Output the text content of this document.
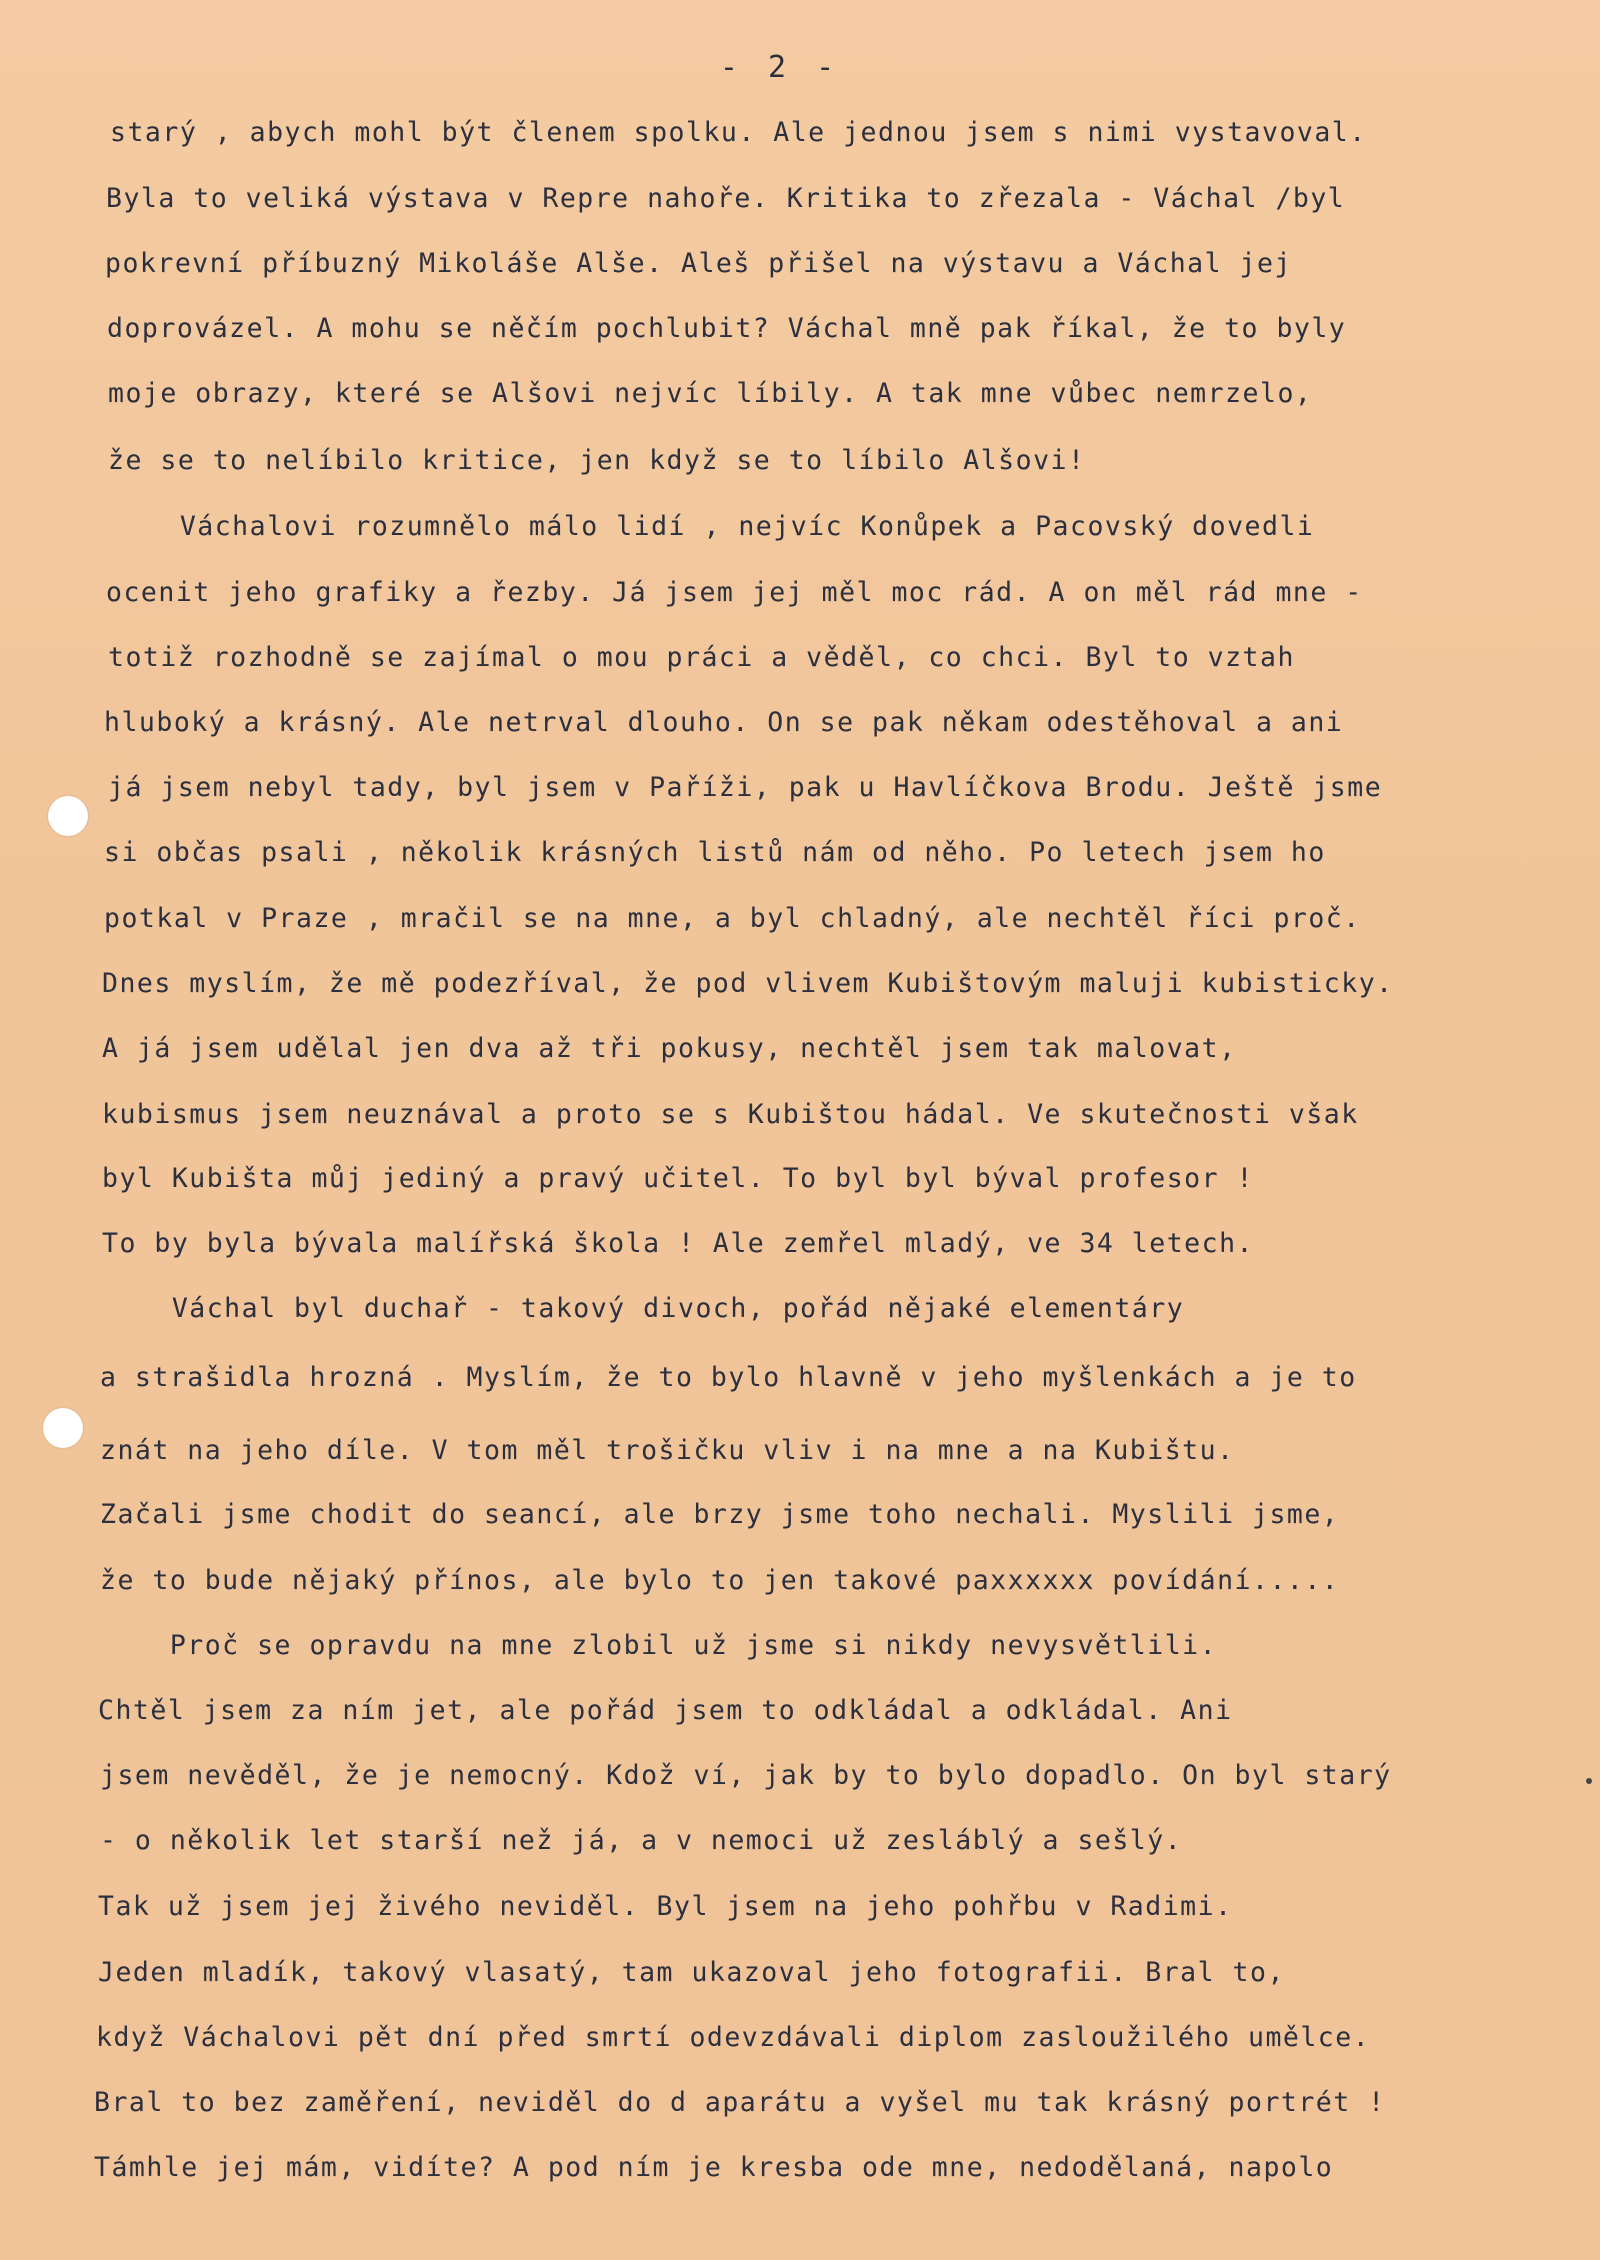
- 2 -
starý , abych mohl být členem spolku. Ale jednou jsem s nimi vystavoval.
Byla to veliká výstava v Repre nahoře. Kritika to zřezala - Váchal /byl
pokrevní příbuzný Mikoláše Alše. Aleš přišel na výstavu a Váchal jej
doprovázel. A mohu se něčím pochlubit? Váchal mně pak říkal, že to byly
moje obrazy, které se Alšovi nejvíc líbily. A tak mne vůbec nemrzelo,
že se to nelíbilo kritice, jen když se to líbilo Alšovi!
Váchalovi rozumnělo málo lidí , nejvíc Konůpek a Pacovský dovedli
ocenit jeho grafiky a řezby. Já jsem jej měl moc rád. A on měl rád mne -
totiž rozhodně se zajímal o mou práci a věděl, co chci. Byl to vztah
hluboký a krásný. Ale netrval dlouho. On se pak někam odestěhoval a ani
já jsem nebyl tady, byl jsem v Paříži, pak u Havlíčkova Brodu. Ještě jsme
si občas psali , několik krásných listů nám od něho. Po letech jsem ho
potkal v Praze , mračil se na mne, a byl chladný, ale nechtěl říci proč.
Dnes myslím, že mě podezříval, že pod vlivem Kubištovým maluji kubisticky.
A já jsem udělal jen dva až tři pokusy, nechtěl jsem tak malovat,
kubismus jsem neuznával a proto se s Kubištou hádal. Ve skutečnosti však
byl Kubišta můj jediný a pravý učitel. To byl byl býval profesor !
To by byla bývala malířská škola ! Ale zemřel mladý, ve 34 letech.
Váchal byl duchař - takový divoch, pořád nějaké elementáry
a strašidla hrozná . Myslím, že to bylo hlavně v jeho myšlenkách a je to
znát na jeho díle. V tom měl trošičku vliv i na mne a na Kubištu.
Začali jsme chodit do seancí, ale brzy jsme toho nechali. Myslili jsme,
že to bude nějaký přínos, ale bylo to jen takové paxxxxxx povídání.....
Proč se opravdu na mne zlobil už jsme si nikdy nevysvětlili.
Chtěl jsem za ním jet, ale pořád jsem to odkládal a odkládal. Ani
jsem nevěděl, že je nemocný. Kdož ví, jak by to bylo dopadlo. On byl starý
- o několik let starší než já, a v nemoci už zesláblý a sešlý.
Tak už jsem jej živého neviděl. Byl jsem na jeho pohřbu v Radimi.
Jeden mladík, takový vlasatý, tam ukazoval jeho fotografii. Bral to,
když Váchalovi pět dní před smrtí odevzdávali diplom zasloužilého umělce.
Bral to bez zaměření, neviděl do d aparátu a vyšel mu tak krásný portrét !
Támhle jej mám, vidíte? A pod ním je kresba ode mne, nedodělaná, napolo
